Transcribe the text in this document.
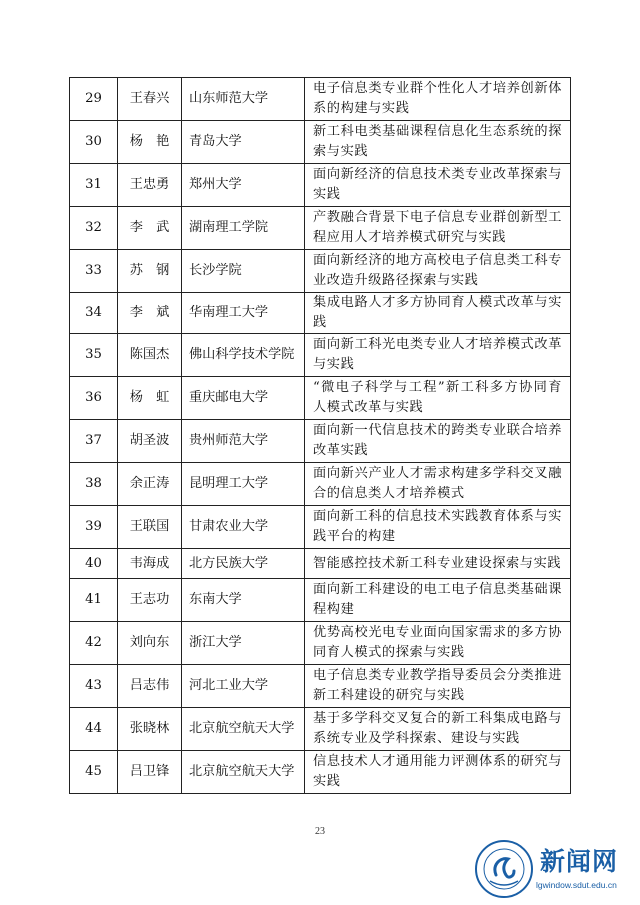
29	王春兴	山东师范大学	电子信息类专业群个性化人才培养创新体系的构建与实践
30	杨　艳	青岛大学	新工科电类基础课程信息化生态系统的探索与实践
31	王忠勇	郑州大学	面向新经济的信息技术类专业改革探索与实践
32	李　武	湖南理工学院	产教融合背景下电子信息专业群创新型工程应用人才培养模式研究与实践
33	苏　钢	长沙学院	面向新经济的地方高校电子信息类工科专业改造升级路径探索与实践
34	李　斌	华南理工大学	集成电路人才多方协同育人模式改革与实践
35	陈国杰	佛山科学技术学院	面向新工科光电类专业人才培养模式改革与实践
36	杨　虹	重庆邮电大学	“微电子科学与工程”新工科多方协同育人模式改革与实践
37	胡圣波	贵州师范大学	面向新一代信息技术的跨类专业联合培养改革实践
38	余正涛	昆明理工大学	面向新兴产业人才需求构建多学科交叉融合的信息类人才培养模式
39	王联国	甘肃农业大学	面向新工科的信息技术实践教育体系与实践平台的构建
40	韦海成	北方民族大学	智能感控技术新工科专业建设探索与实践
41	王志功	东南大学	面向新工科建设的电工电子信息类基础课程构建
42	刘向东	浙江大学	优势高校光电专业面向国家需求的多方协同育人模式的探索与实践
43	吕志伟	河北工业大学	电子信息类专业教学指导委员会分类推进新工科建设的研究与实践
44	张晓林	北京航空航天大学	基于多学科交叉复合的新工科集成电路与系统专业及学科探索、建设与实践
45	吕卫锋	北京航空航天大学	信息技术人才通用能力评测体系的研究与实践
23
新闻网
lgwindow.sdut.edu.cn
